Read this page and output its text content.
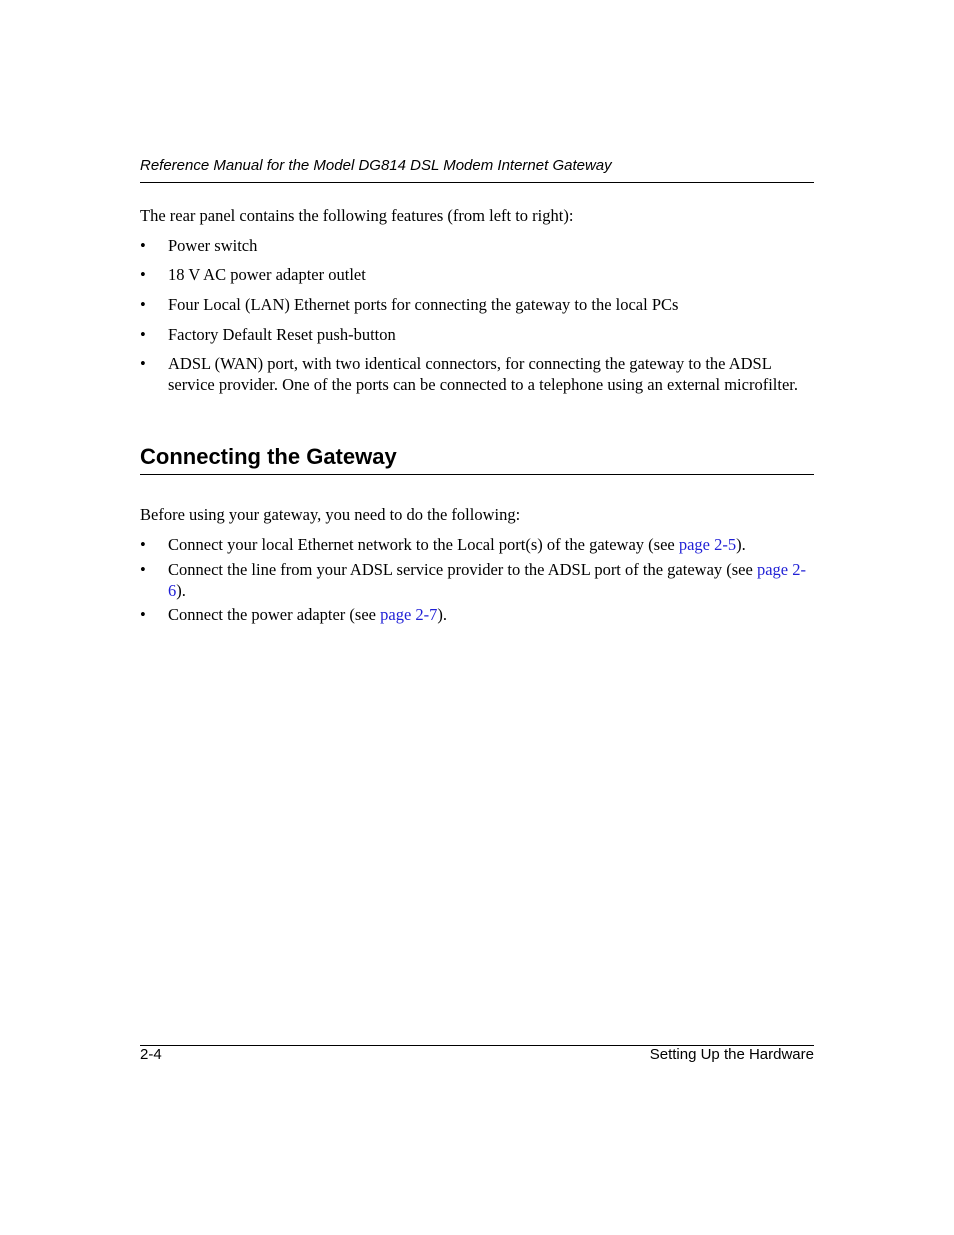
Reference Manual for the Model DG814 DSL Modem Internet Gateway
The rear panel contains the following features (from left to right):
• Power switch
• 18 V AC power adapter outlet
• Four Local (LAN) Ethernet ports for connecting the gateway to the local PCs
• Factory Default Reset push-button
• ADSL (WAN) port, with two identical connectors, for connecting the gateway to the ADSL service provider. One of the ports can be connected to a telephone using an external microfilter.
Connecting the Gateway
Before using your gateway, you need to do the following:
• Connect your local Ethernet network to the Local port(s) of the gateway (see page 2-5).
• Connect the line from your ADSL service provider to the ADSL port of the gateway (see page 2-6).
• Connect the power adapter (see page 2-7).
2-4	Setting Up the Hardware
